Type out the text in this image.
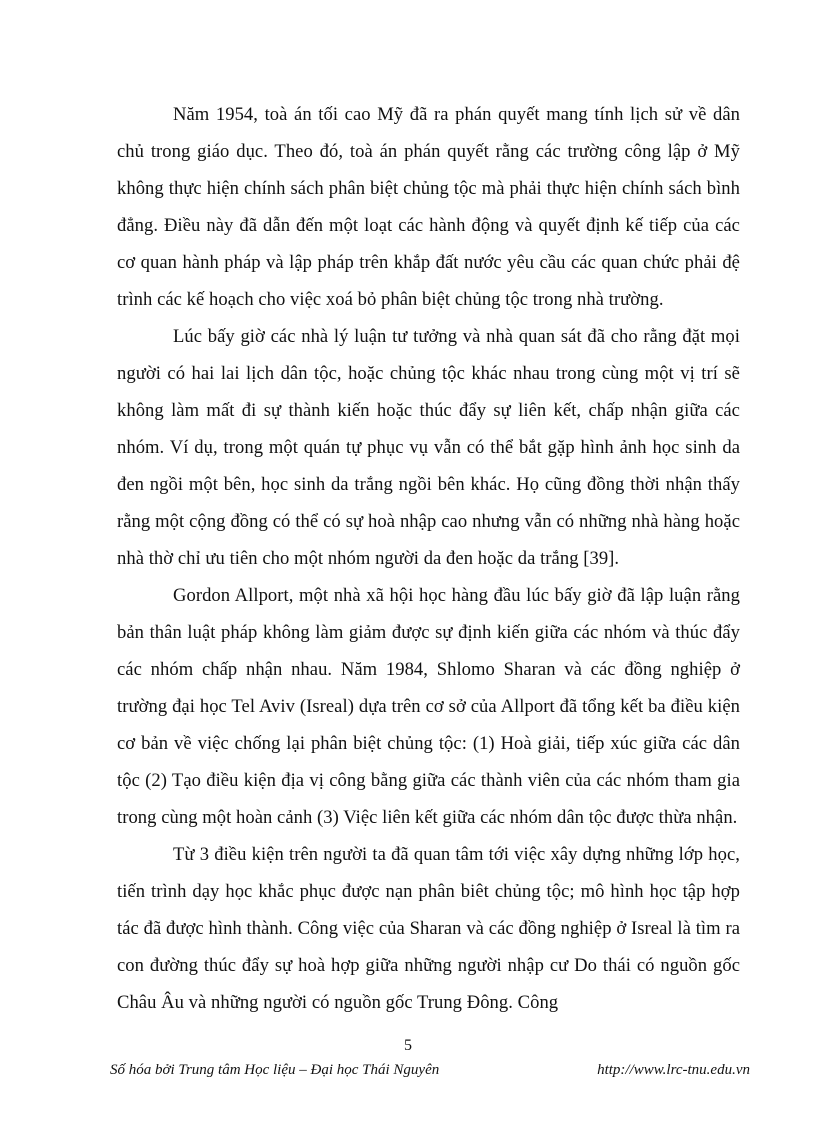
Năm 1954, toà án tối cao Mỹ đã ra phán quyết mang tính lịch sử về dân chủ trong giáo dục. Theo đó, toà án phán quyết rằng các trường công lập ở Mỹ không thực hiện chính sách phân biệt chủng tộc mà phải thực hiện chính sách bình đẳng. Điều này đã dẫn đến một loạt các hành động và quyết định kế tiếp của các cơ quan hành pháp và lập pháp trên khắp đất nước yêu cầu các quan chức phải đệ trình các kế hoạch cho việc xoá bỏ phân biệt chủng tộc trong nhà trường.

Lúc bấy giờ các nhà lý luận tư tưởng và nhà quan sát đã cho rằng đặt mọi người có hai lai lịch dân tộc, hoặc chủng tộc khác nhau trong cùng một vị trí sẽ không làm mất đi sự thành kiến hoặc thúc đẩy sự liên kết, chấp nhận giữa các nhóm. Ví dụ, trong một quán tự phục vụ vẫn có thể bắt gặp hình ảnh học sinh da đen ngồi một bên, học sinh da trắng ngồi bên khác. Họ cũng đồng thời nhận thấy rằng một cộng đồng có thể có sự hoà nhập cao nhưng vẫn có những nhà hàng hoặc nhà thờ chỉ ưu tiên cho một nhóm người da đen hoặc da trắng [39].

Gordon Allport, một nhà xã hội học hàng đầu lúc bấy giờ đã lập luận rằng bản thân luật pháp không làm giảm được sự định kiến giữa các nhóm và thúc đẩy các nhóm chấp nhận nhau. Năm 1984, Shlomo Sharan và các đồng nghiệp ở trường đại học Tel Aviv (Isreal) dựa trên cơ sở của Allport đã tổng kết ba điều kiện cơ bản về việc chống lại phân biệt chủng tộc: (1) Hoà giải, tiếp xúc giữa các dân tộc (2) Tạo điều kiện địa vị công bằng giữa các thành viên của các nhóm tham gia trong cùng một hoàn cảnh (3) Việc liên kết giữa các nhóm dân tộc được thừa nhận.

Từ 3 điều kiện trên người ta đã quan tâm tới việc xây dựng những lớp học, tiến trình dạy học khắc phục được nạn phân biêt chủng tộc; mô hình học tập hợp tác đã được hình thành. Công việc của Sharan và các đồng nghiệp ở Isreal là tìm ra con đường thúc đẩy sự hoà hợp giữa những người nhập cư Do thái có nguồn gốc Châu Âu và những người có nguồn gốc Trung Đông. Công

5
Số hóa bởi Trung tâm Học liệu – Đại học Thái Nguyên	http://www.lrc-tnu.edu.vn
